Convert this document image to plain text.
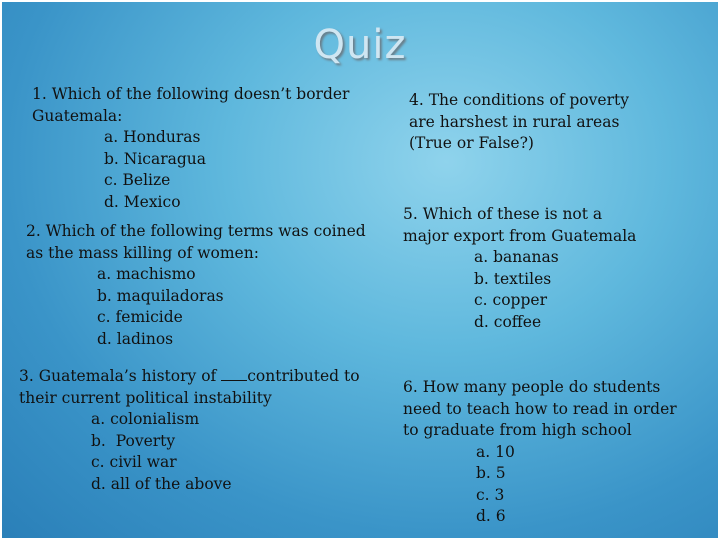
Quiz
1. Which of the following doesn’t border Guatemala:
a. Honduras
b. Nicaragua
c. Belize
d. Mexico
2. Which of the following terms was coined as the mass killing of women:
a. machismo
b. maquiladoras
c. femicide
d. ladinos
3. Guatemala’s history of contributed to their current political instability
a. colonialism
b.  Poverty
c. civil war
d. all of the above
4. The conditions of poverty are harshest in rural areas (True or False?)
5. Which of these is not a  major export from Guatemala
a. bananas
b. textiles
c. copper
d. coffee
6. How many people do students need to teach how to read in order to graduate from high school
a. 10
b. 5
c. 3
d. 6
